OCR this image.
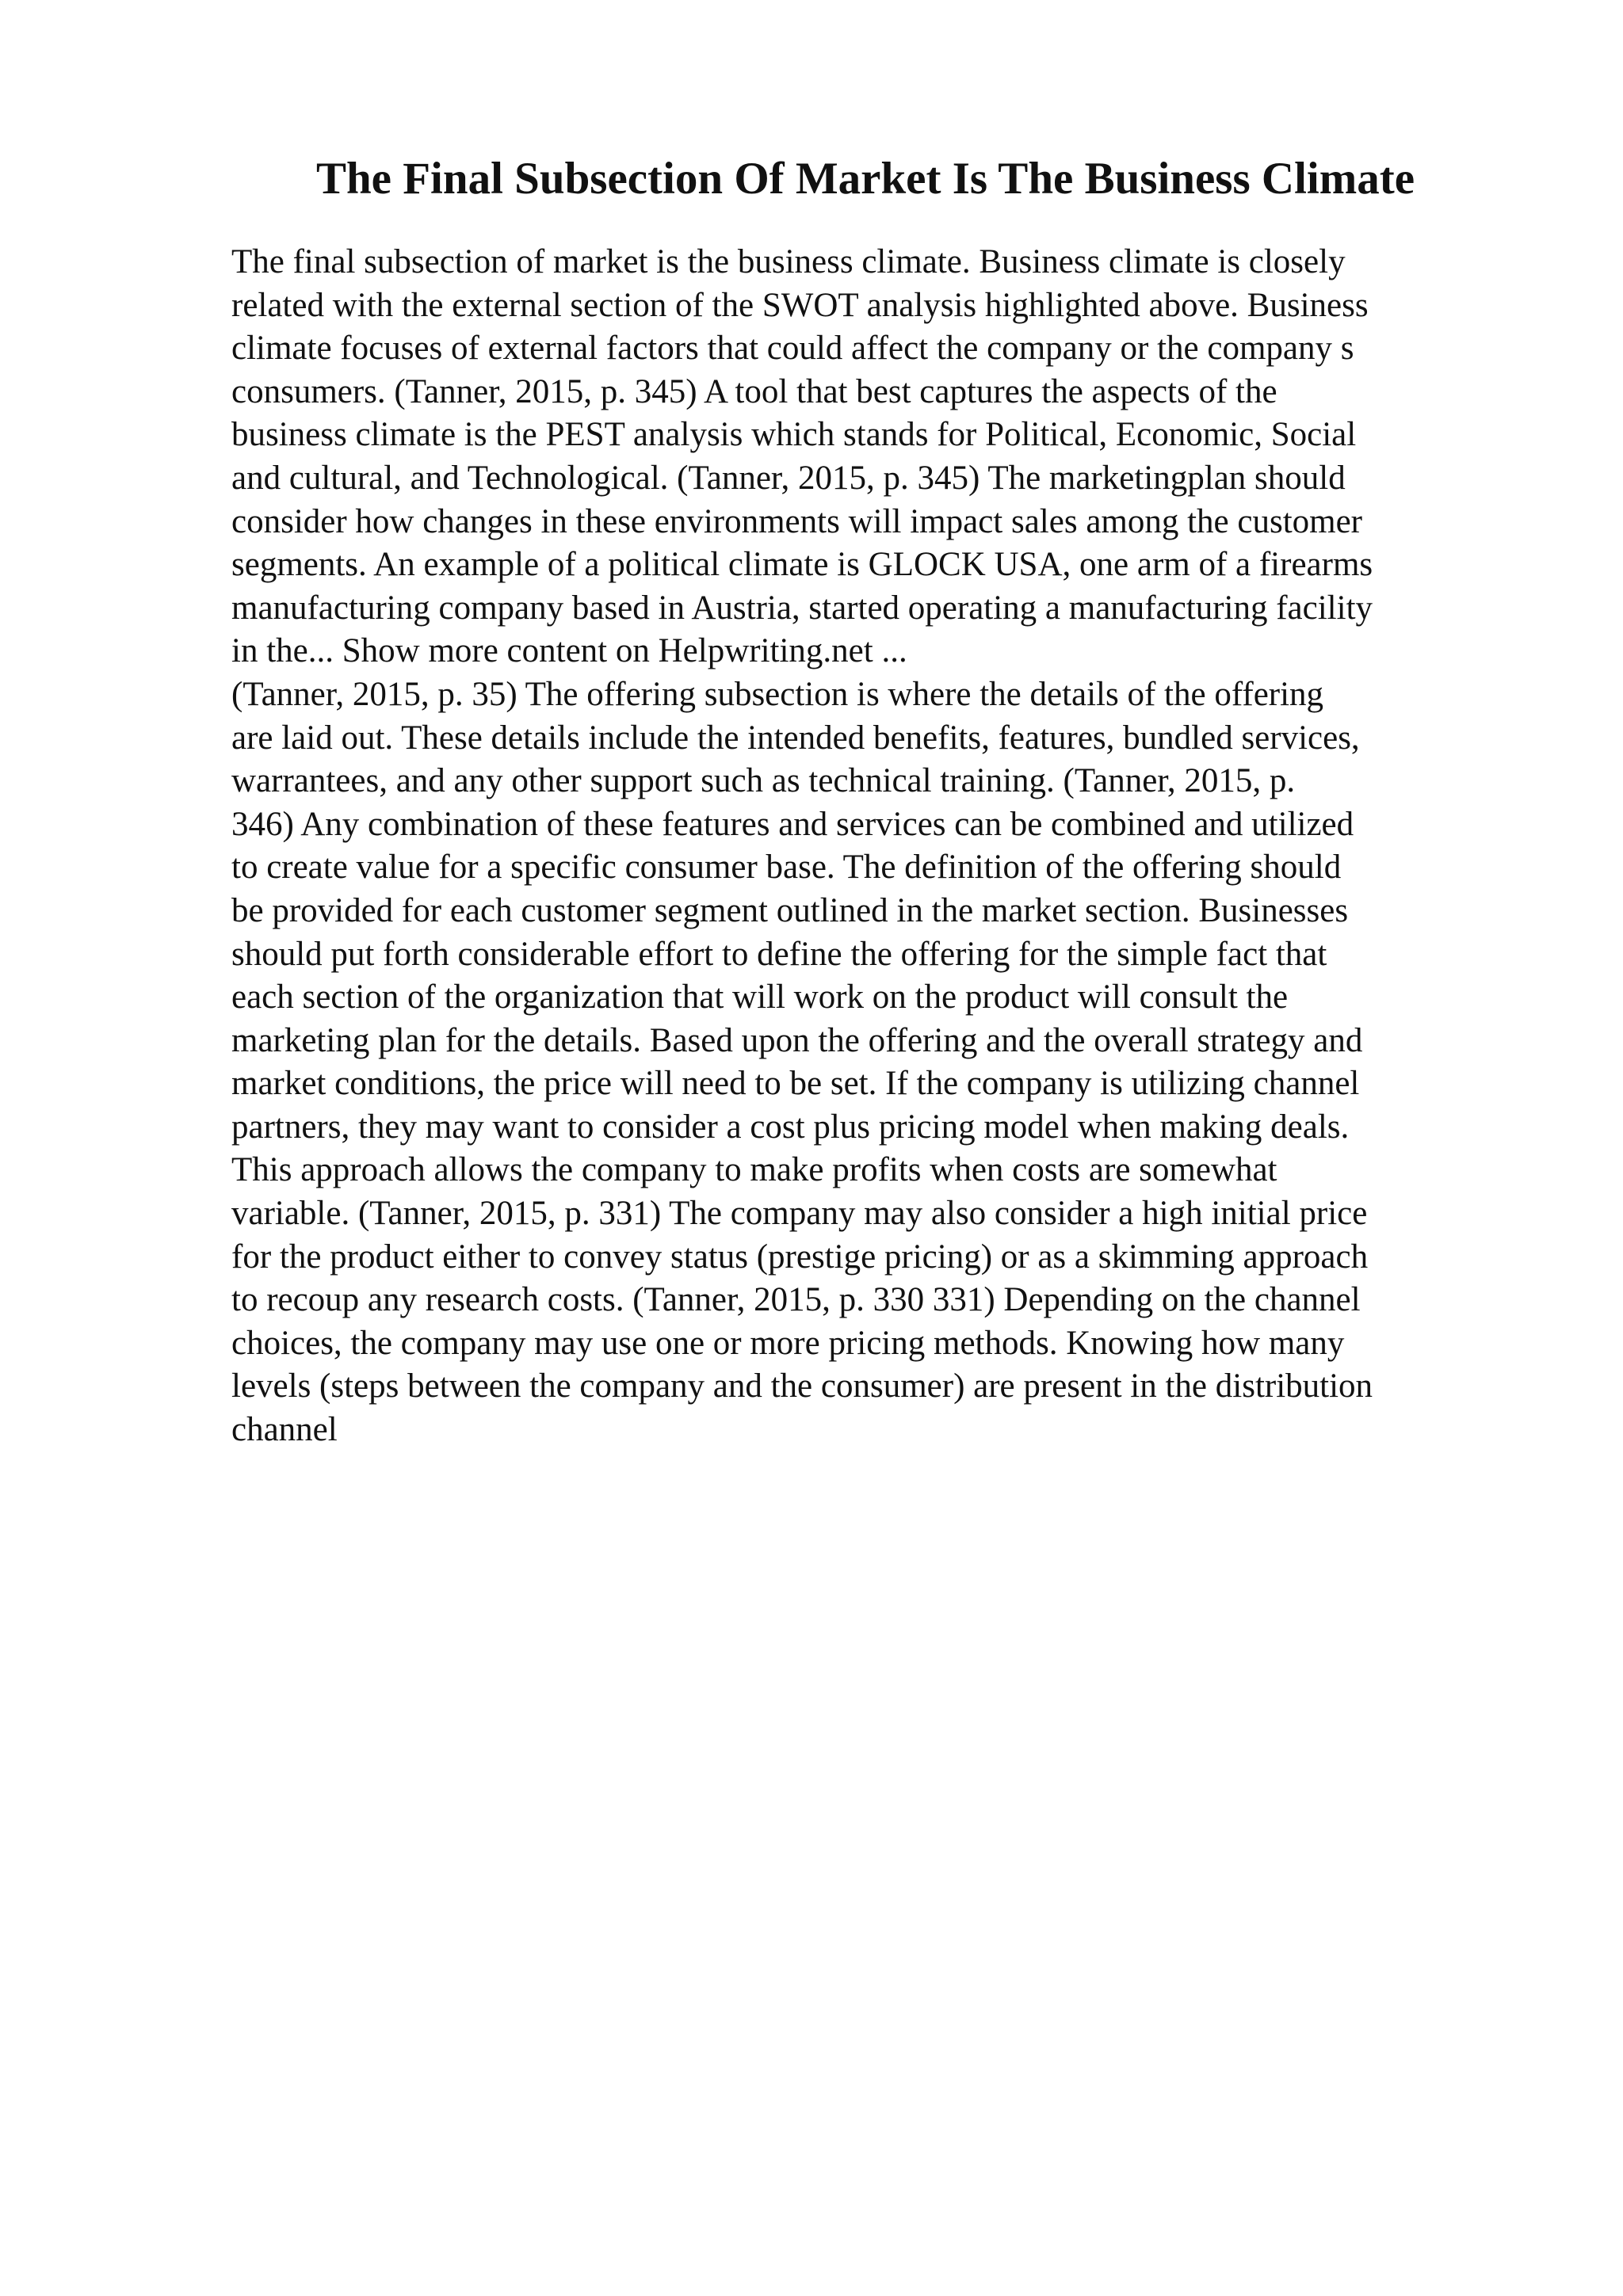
The Final Subsection Of Market Is The Business Climate
The final subsection of market is the business climate. Business climate is closely
related with the external section of the SWOT analysis highlighted above. Business
climate focuses of external factors that could affect the company or the company s
consumers. (Tanner, 2015, p. 345) A tool that best captures the aspects of the
business climate is the PEST analysis which stands for Political, Economic, Social
and cultural, and Technological. (Tanner, 2015, p. 345) The marketingplan should
consider how changes in these environments will impact sales among the customer
segments. An example of a political climate is GLOCK USA, one arm of a firearms
manufacturing company based in Austria, started operating a manufacturing facility
in the... Show more content on Helpwriting.net ...
(Tanner, 2015, p. 35) The offering subsection is where the details of the offering
are laid out. These details include the intended benefits, features, bundled services,
warrantees, and any other support such as technical training. (Tanner, 2015, p.
346) Any combination of these features and services can be combined and utilized
to create value for a specific consumer base. The definition of the offering should
be provided for each customer segment outlined in the market section. Businesses
should put forth considerable effort to define the offering for the simple fact that
each section of the organization that will work on the product will consult the
marketing plan for the details. Based upon the offering and the overall strategy and
market conditions, the price will need to be set. If the company is utilizing channel
partners, they may want to consider a cost plus pricing model when making deals.
This approach allows the company to make profits when costs are somewhat
variable. (Tanner, 2015, p. 331) The company may also consider a high initial price
for the product either to convey status (prestige pricing) or as a skimming approach
to recoup any research costs. (Tanner, 2015, p. 330 331) Depending on the channel
choices, the company may use one or more pricing methods. Knowing how many
levels (steps between the company and the consumer) are present in the distribution
channel
